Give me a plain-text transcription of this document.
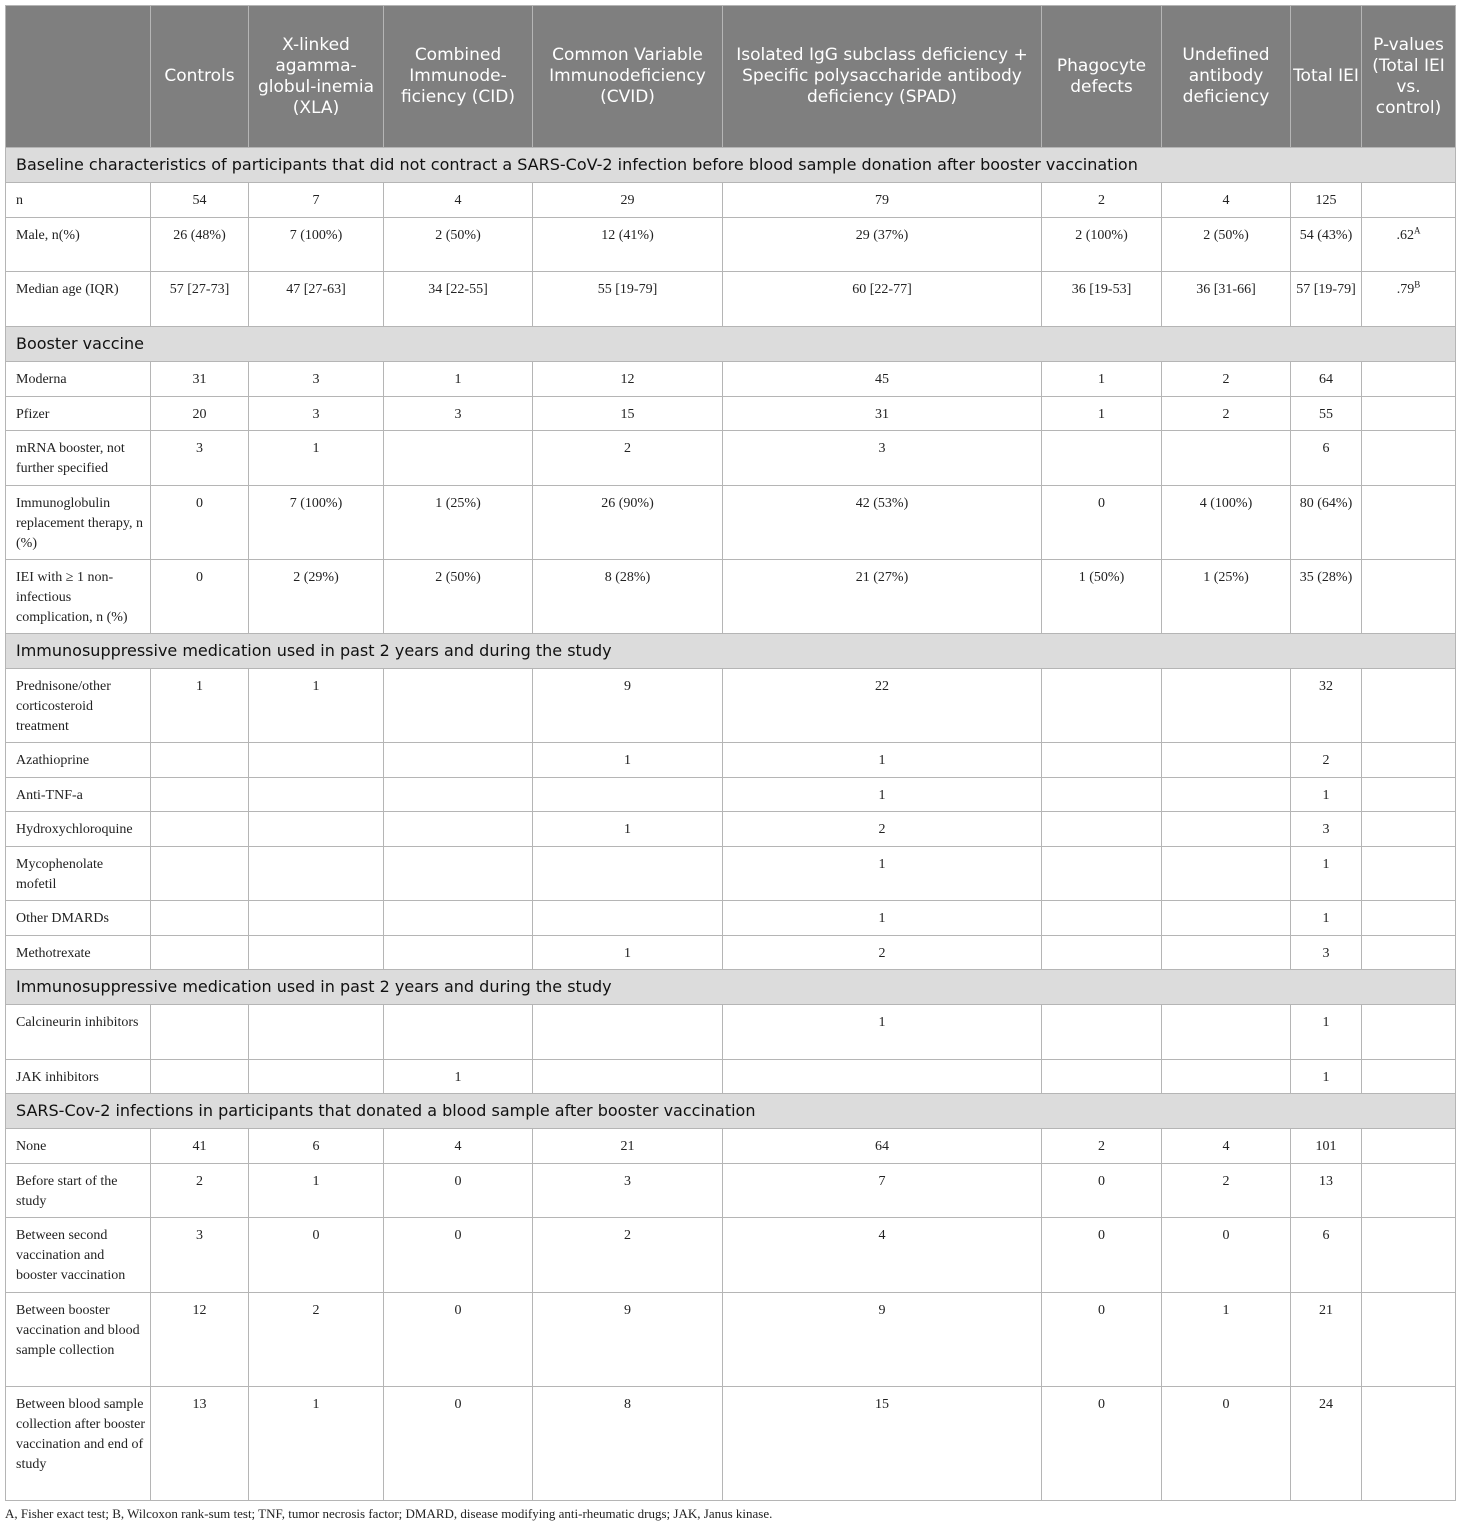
	Controls	X-linked agamma-globul-inemia (XLA)	Combined Immunode-ficiency (CID)	Common Variable Immunodeficiency (CVID)	Isolated IgG subclass deficiency + Specific polysaccharide antibody deficiency (SPAD)	Phagocyte defects	Undefined antibody deficiency	Total IEI	P-values (Total IEI vs. control)
Baseline characteristics of participants that did not contract a SARS-CoV-2 infection before blood sample donation after booster vaccination									
n	54	7	4	29	79	2	4	125	
Male, n(%)	26 (48%)	7 (100%)	2 (50%)	12 (41%)	29 (37%)	2 (100%)	2 (50%)	54 (43%)	$.62^A$
Median age (IQR)	57 [27-73]	47 [27-63]	34 [22-55]	55 [19-79]	60 [22-77]	36 [19-53]	36 [31-66]	57 [19-79]	$.79^B$
Booster vaccine									
Moderna	31	3	1	12	45	1	2	64	
Pfizer	20	3	3	15	31	1	2	55	
mRNA booster, not further specified	3	1		2	3			6	
Immunoglobulin replacement therapy, n (%)	0	7 (100%)	1 (25%)	26 (90%)	42 (53%)	0	4 (100%)	80 (64%)	
IEI with ≥ 1 non-infectious complication, n (%)	0	2 (29%)	2 (50%)	8 (28%)	21 (27%)	1 (50%)	1 (25%)	35 (28%)	
Immunosuppressive medication used in past 2 years and during the study									
Prednisone/other corticosteroid treatment	1	1		9	22			32	
Azathioprine				1	1			2	
Anti-TNF-a					1			1	
Hydroxychloroquine				1	2			3	
Mycophenolate mofetil					1			1	
Other DMARDs					1			1	
Methotrexate				1	2			3	
Immunosuppressive medication used in past 2 years and during the study									
Calcineurin inhibitors					1			1	
JAK inhibitors			1					1	
SARS-Cov-2 infections in participants that donated a blood sample after booster vaccination									
None	41	6	4	21	64	2	4	101	
Before start of the study	2	1	0	3	7	0	2	13	
Between second vaccination and booster vaccination	3	0	0	2	4	0	0	6	
Between booster vaccination and blood sample collection	12	2	0	9	9	0	1	21	
Between blood sample collection after booster vaccination and end of study	13	1	0	8	15	0	0	24	
A, Fisher exact test; B, Wilcoxon rank-sum test; TNF, tumor necrosis factor; DMARD, disease modifying anti-rheumatic drugs; JAK, Janus kinase.
